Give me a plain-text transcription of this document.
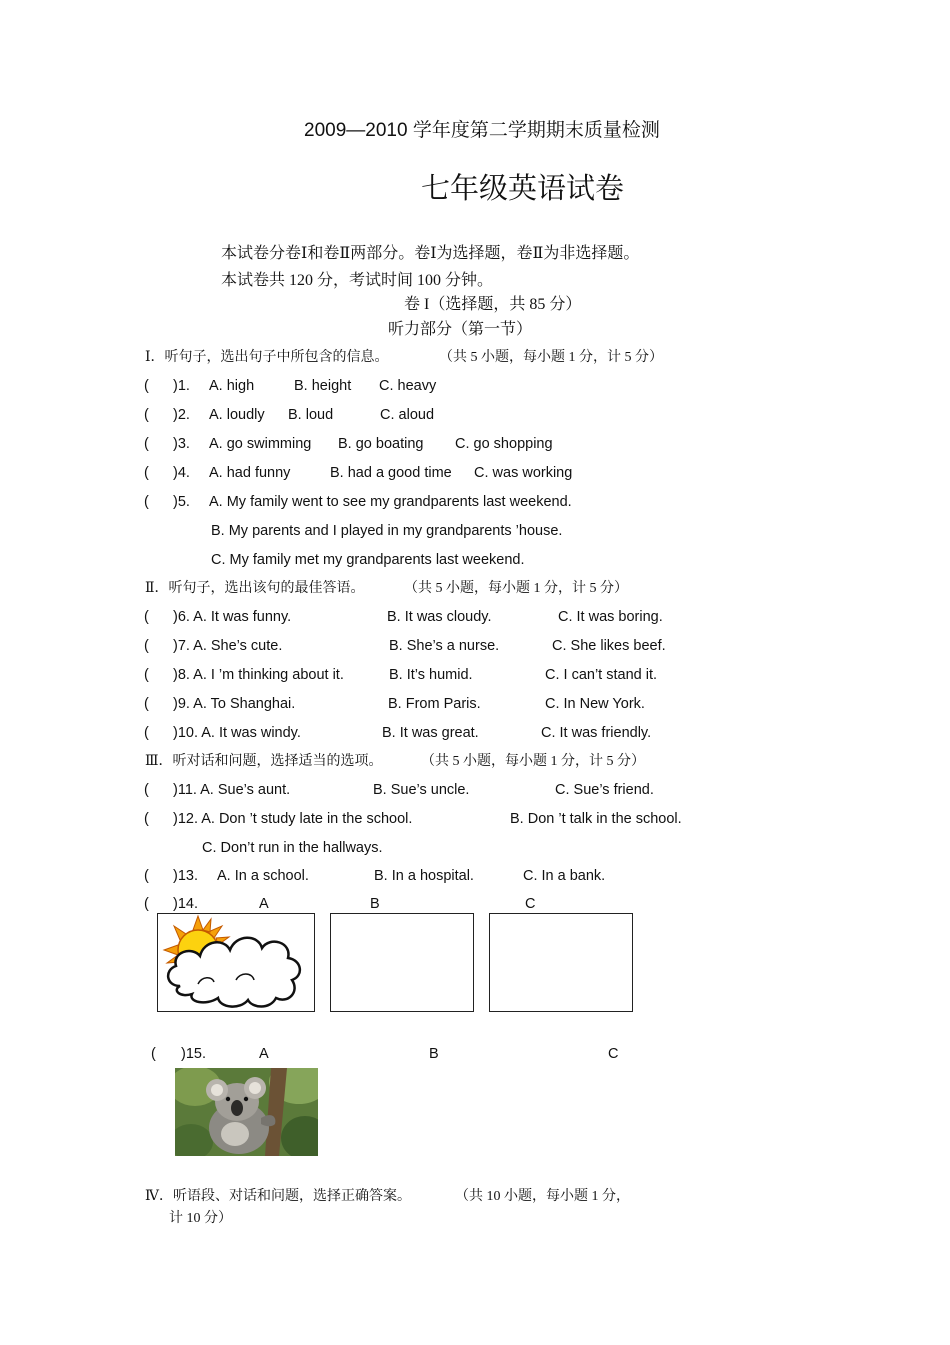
2009—2010 学年度第二学期期末质量检测
七年级英语试卷
本试卷分卷Ⅰ和卷Ⅱ两部分。卷Ⅰ为选择题，卷Ⅱ为非选择题。
本试卷共 120 分，考试时间 100 分钟。
卷 I（选择题，共 85 分）
听力部分（第一节）
Ⅰ．听句子，选出句子中所包含的信息。	（共 5 小题，每小题 1 分，计 5 分）
( )1. A. high	B. height C. heavy
( )2. A. loudly B. loud	C. aloud
( )3. A. go swimming B. go boating C. go shopping
( )4. A. had funny	B. had a good time C. was working
( )5. A. My family went to see my grandparents last weekend.
B. My parents and I played in my grandparents ’house.
C. My family met my grandparents last weekend.
Ⅱ．听句子，选出该句的最佳答语。	（共 5 小题，每小题 1 分，计 5 分）
( )6. A. It was funny.	B. It was cloudy.	C. It was boring.
( )7. A. She’s cute.	B. She’s a nurse.	C. She likes beef.
( )8. A. I ’m thinking about it.	B. It’s humid.	C. I can’t stand it.
( )9. A. To Shanghai.	B. From Paris.	C. In New York.
( )10. A. It was windy.	B. It was great.	C. It was friendly.
Ⅲ．听对话和问题，选择适当的选项。	（共 5 小题，每小题 1 分，计 5 分）
( )11. A. Sue’s aunt.	B. Sue’s uncle.	C. Sue’s friend.
( )12. A. Don ’t study late in the school.	B. Don ’t talk in the school.
C. Don’t run in the hallways.
( )13. A. In a school.	B. In a hospital.	C. In a bank.
( )14.	A	B	C
( )15.	A	B	C
Ⅳ．听语段、对话和问题，选择正确答案。	（共 10 小题，每小题 1 分，
计 10 分）
